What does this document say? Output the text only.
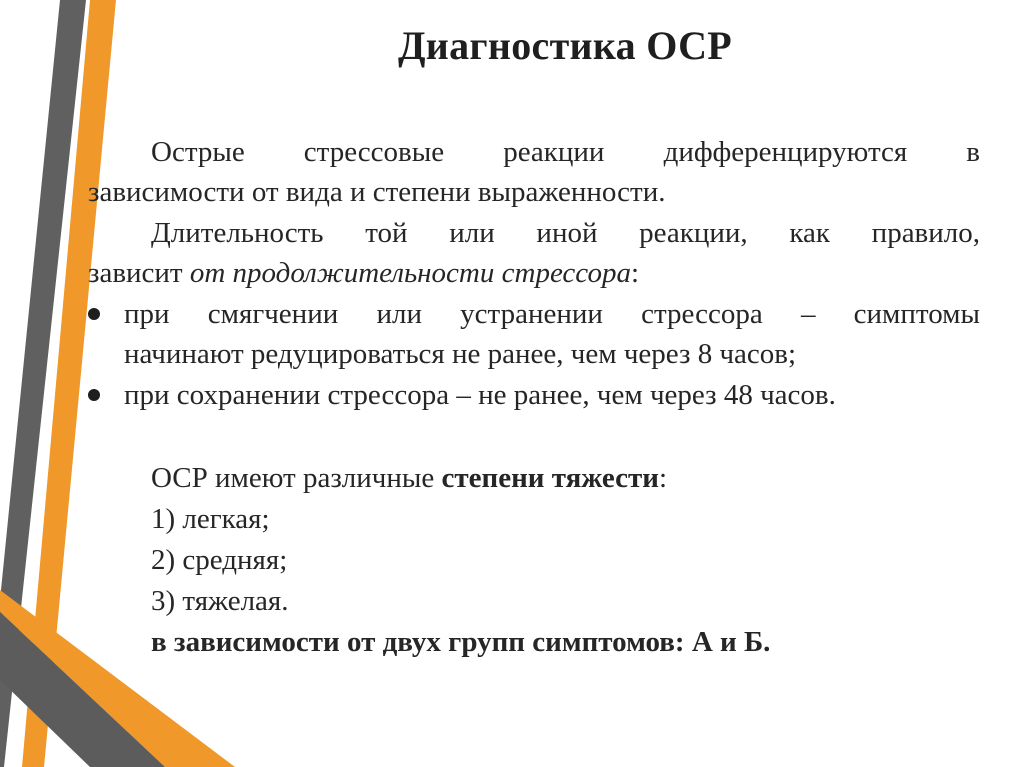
Диагностика ОСР

Острые стрессовые реакции дифференцируются в

зависимости от вида и степени выраженности.

Длительность той или иной реакции, как правило,

зависит от продолжительности стрессора:

при смягчении или устранении стрессора – симптомы
начинают редуцироваться не ранее, чем через 8 часов;
при сохранении стрессора – не ранее, чем через 48 часов.

ОСР имеют различные степени тяжести:

1) легкая;

2) средняя;

3) тяжелая.

в зависимости от двух групп симптомов: А и Б.
